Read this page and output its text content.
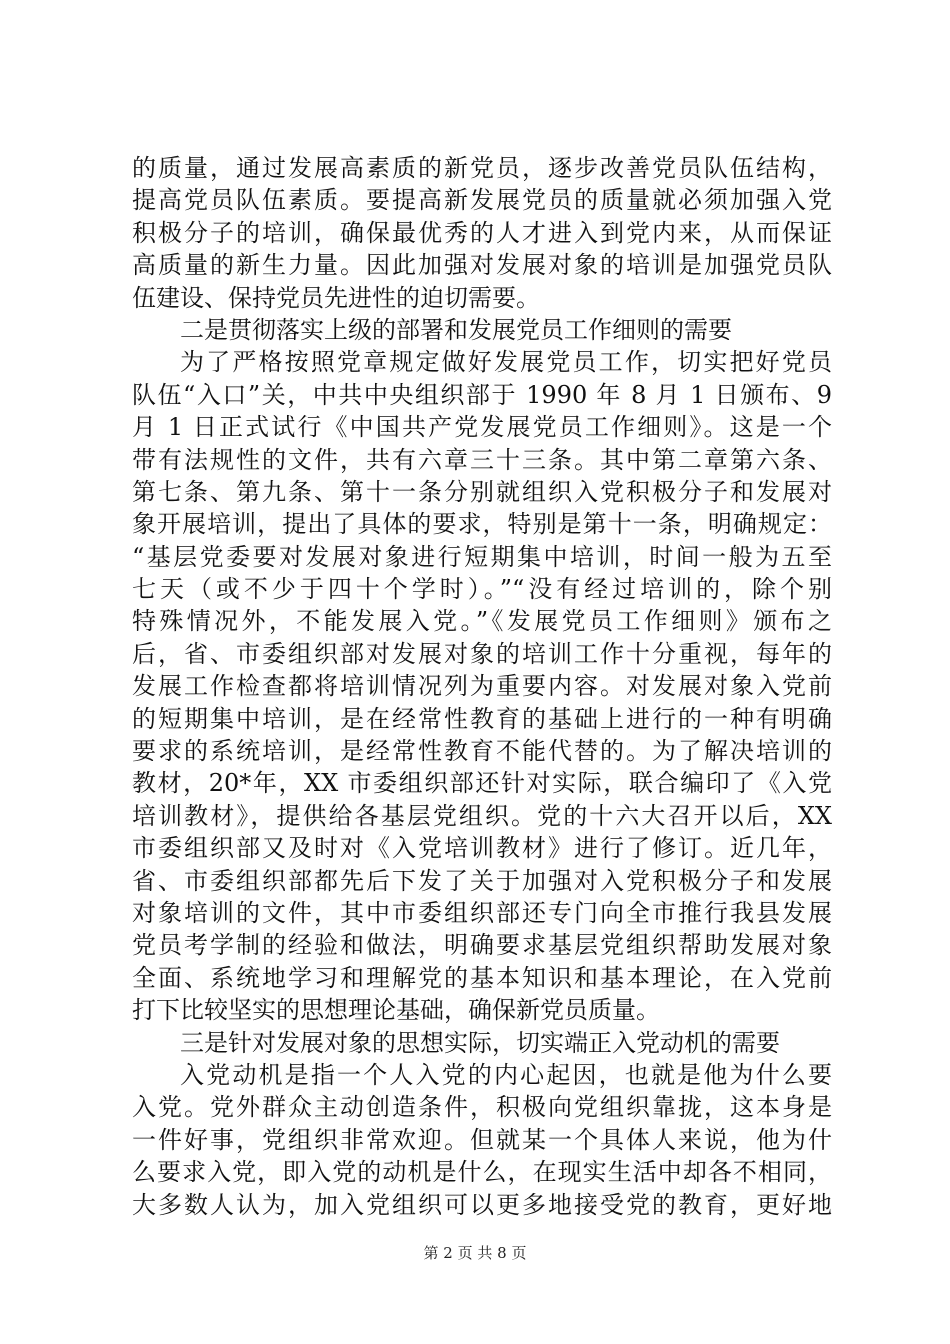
的质量，通过发展高素质的新党员，逐步改善党员队伍结构，
提高党员队伍素质。要提高新发展党员的质量就必须加强入党
积极分子的培训，确保最优秀的人才进入到党内来，从而保证
高质量的新生力量。因此加强对发展对象的培训是加强党员队
伍建设、保持党员先进性的迫切需要。
二是贯彻落实上级的部署和发展党员工作细则的需要
为了严格按照党章规定做好发展党员工作，切实把好党员
队伍“入口”关，中共中央组织部于 1990 年 8 月 1 日颁布、9
月 1 日正式试行《中国共产党发展党员工作细则》。这是一个
带有法规性的文件，共有六章三十三条。其中第二章第六条、
第七条、第九条、第十一条分别就组织入党积极分子和发展对
象开展培训，提出了具体的要求，特别是第十一条，明确规定：
“基层党委要对发展对象进行短期集中培训，时间一般为五至
七天（或不少于四十个学时）。”“没有经过培训的，除个别
特殊情况外，不能发展入党。”《发展党员工作细则》颁布之
后，省、市委组织部对发展对象的培训工作十分重视，每年的
发展工作检查都将培训情况列为重要内容。对发展对象入党前
的短期集中培训，是在经常性教育的基础上进行的一种有明确
要求的系统培训，是经常性教育不能代替的。为了解决培训的
教材，20*年，XX 市委组织部还针对实际，联合编印了《入党
培训教材》，提供给各基层党组织。党的十六大召开以后，XX
市委组织部又及时对《入党培训教材》进行了修订。近几年，
省、市委组织部都先后下发了关于加强对入党积极分子和发展
对象培训的文件，其中市委组织部还专门向全市推行我县发展
党员考学制的经验和做法，明确要求基层党组织帮助发展对象
全面、系统地学习和理解党的基本知识和基本理论，在入党前
打下比较坚实的思想理论基础，确保新党员质量。
三是针对发展对象的思想实际，切实端正入党动机的需要
入党动机是指一个人入党的内心起因，也就是他为什么要
入党。党外群众主动创造条件，积极向党组织靠拢，这本身是
一件好事，党组织非常欢迎。但就某一个具体人来说，他为什
么要求入党，即入党的动机是什么，在现实生活中却各不相同，
大多数人认为，加入党组织可以更多地接受党的教育，更好地
第 2 页 共 8 页
